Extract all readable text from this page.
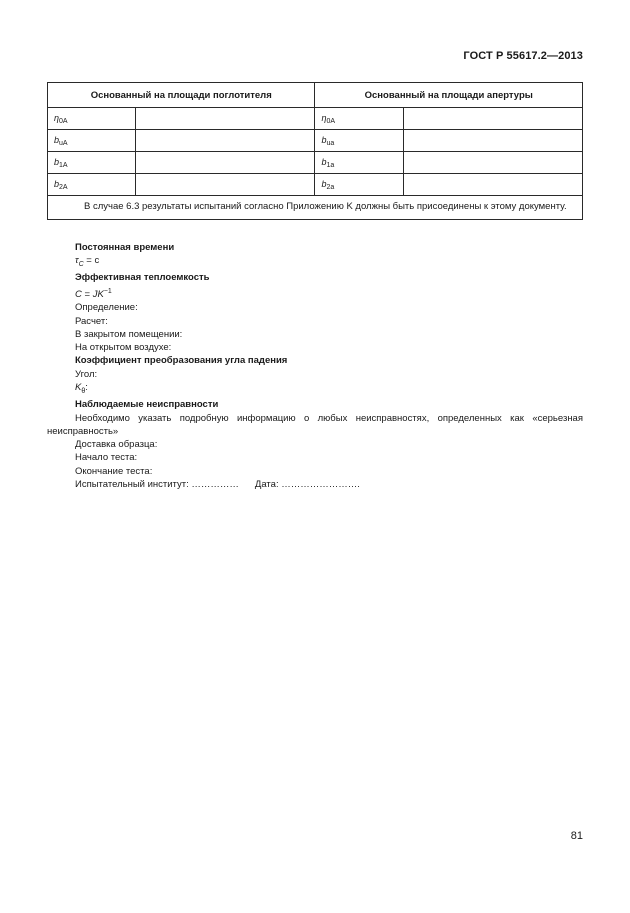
ГОСТ Р 55617.2—2013
Основанный на площади поглотителя		Основанный на площади апертуры	
$\eta_{0A}$		$\eta_{0A}$	
$b_{uA}$		$b_{ua}$	
$b_{1A}$		$b_{1a}$	
$b_{2A}$		$b_{2a}$	
В случае 6.3 результаты испытаний согласно Приложению K должны быть присоединены к этому документу.			
Постоянная времени
$\tau_C = с$
Эффективная теплоемкость
$C = JK^{-1}$
Определение:
Расчет:
В закрытом помещении:
На открытом воздухе:
Коэффициент преобразования угла падения
Угол:
$K_\theta$:
Наблюдаемые неисправности
Необходимо указать подробную информацию о любых неисправностях, определенных как «серьезная неисправность»
Доставка образца:
Начало теста:
Окончание теста:
Испытательный институт: …………… Дата: …………………….
81
